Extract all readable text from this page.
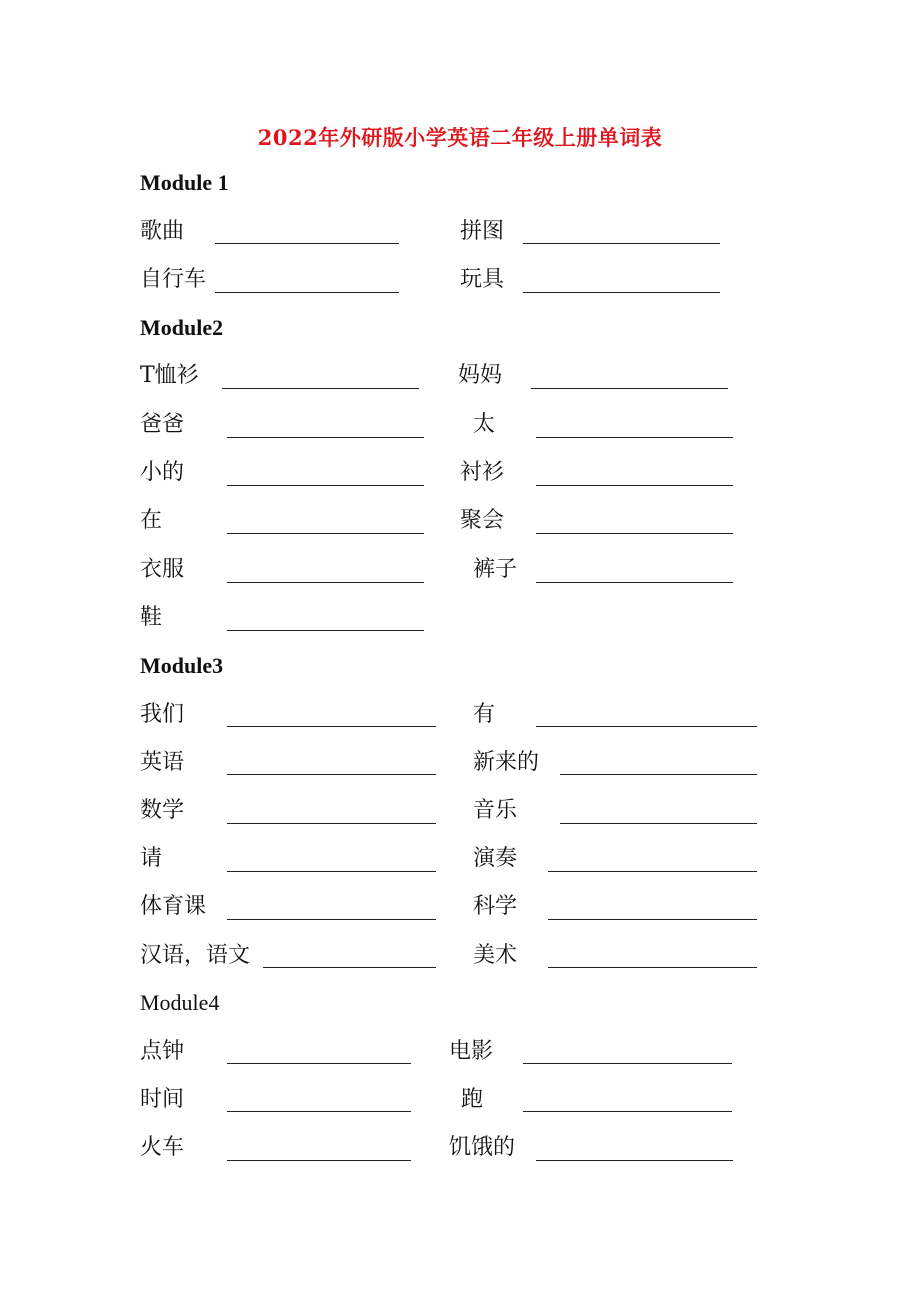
2022年外研版小学英语二年级上册单词表
Module 1
歌曲	拼图
自行车	玩具
Module2
T恤衫	妈妈
爸爸	太
小的	衬衫
在	聚会
衣服	裤子
鞋
Module3
我们	有
英语	新来的
数学	音乐
请	演奏
体育课	科学
汉语，语文	美术
Module4
点钟	电影
时间	跑
火车	饥饿的
